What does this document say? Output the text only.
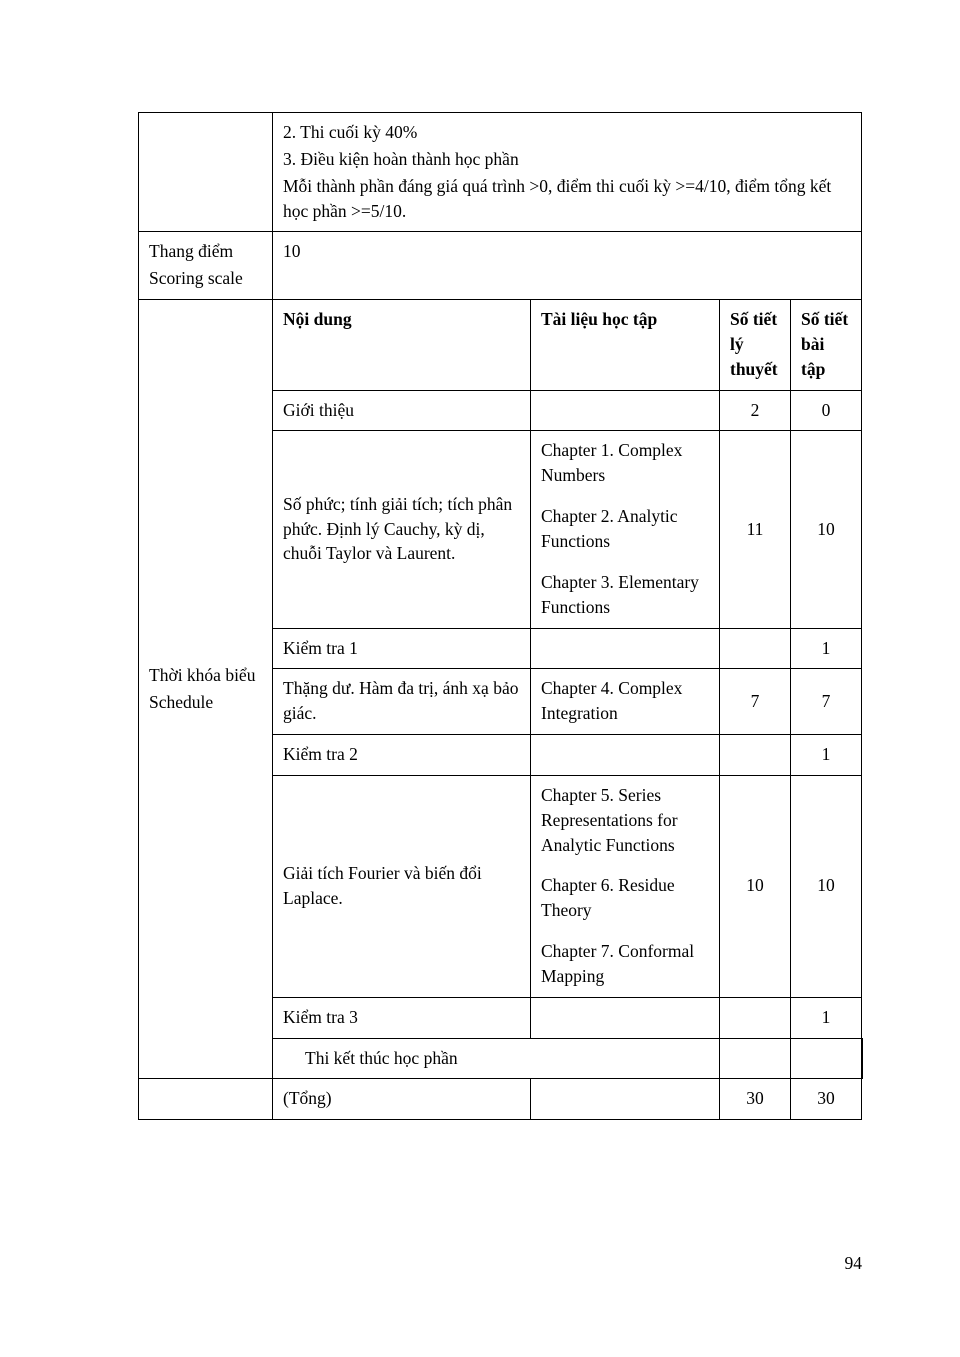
	2. Thi cuối kỳ 40%

3. Điều kiện hoàn thành học phần

Mỗi thành phần đáng giá quá trình >0, điểm thi cuối kỳ >=4/10, điểm tổng kết học phần >=5/10.				

Thang điểm

Scoring scale	10				

Thời khóa biểu

Schedule	Nội dung	Tài liệu học tập	Số tiết lý thuyết	Số tiết bài tập	
	Giới thiệu		2	0	
	Số phức; tính giải tích; tích phân phức. Định lý Cauchy, kỳ dị, chuỗi Taylor và Laurent.	Chapter 1. Complex Numbers

Chapter 2. Analytic Functions

Chapter 3. Elementary Functions	11	10	
	Kiểm tra 1			1	
	Thặng dư. Hàm đa trị, ánh xạ bảo giác.	Chapter 4. Complex Integration	7	7	
	Kiểm tra 2			1	
	Giải tích Fourier và biến đổi Laplace.	Chapter 5. Series Representations for Analytic Functions

Chapter 6. Residue Theory

Chapter 7. Conformal Mapping	10	10	
	Kiểm tra 3			1	

	Thi kết thúc học phần				

	(Tổng)		30	30	
94
